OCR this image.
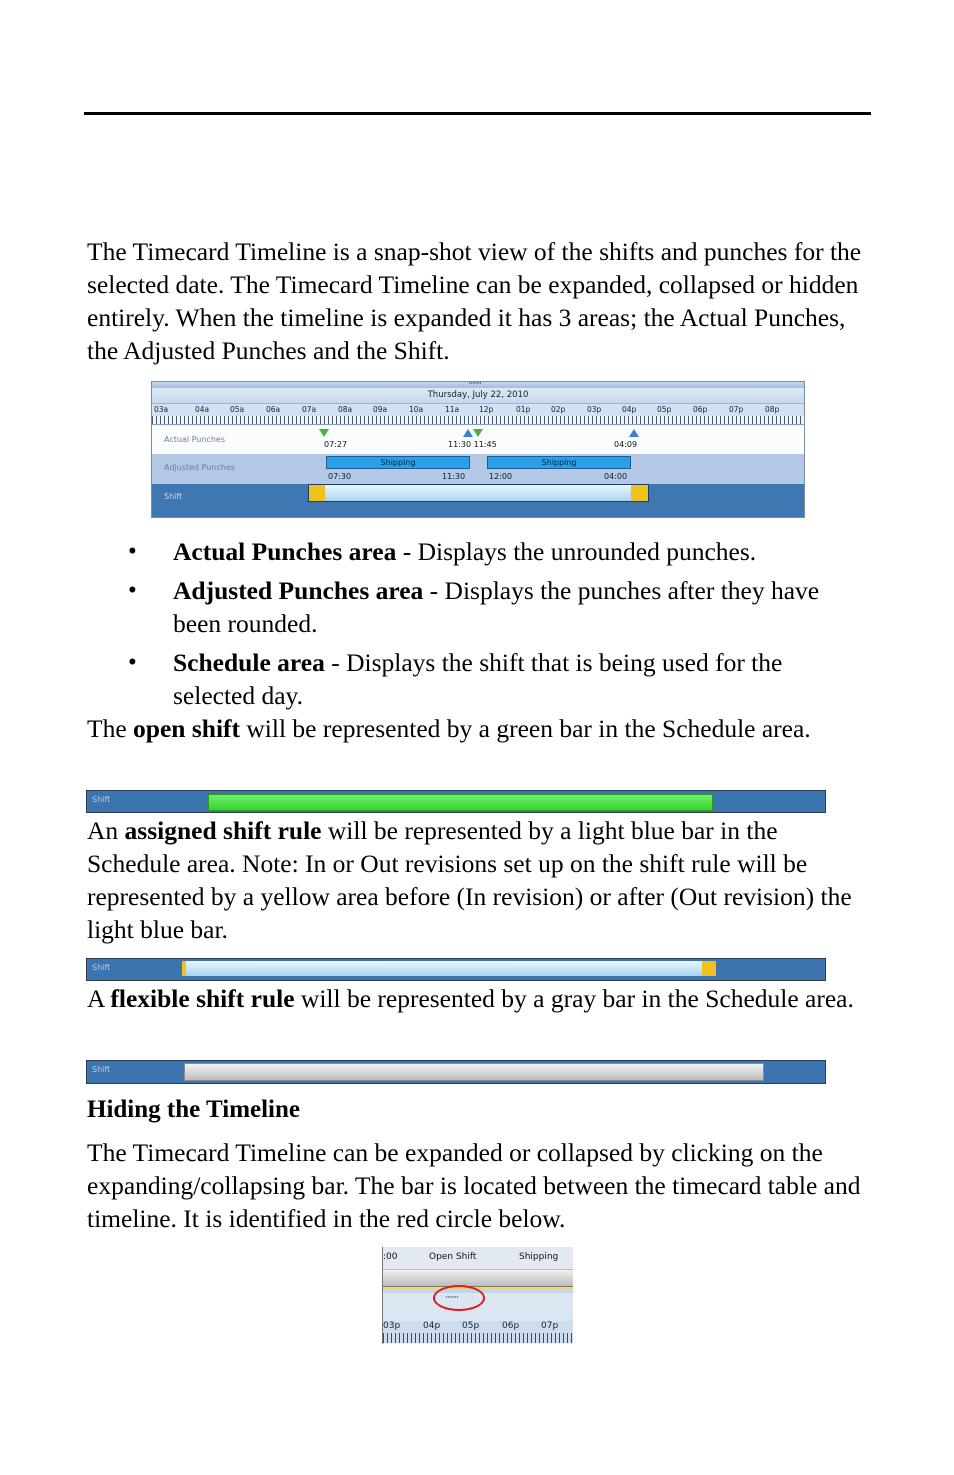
The Timecard Timeline is a snap-shot view of the shifts and punches for the selected date. The Timecard Timeline can be expanded, collapsed or hidden entirely. When the timeline is expanded it has 3 areas; the Actual Punches, the Adjusted Punches and the Shift.

·······
Thursday, July 22, 2010
03a	04a	05a	06a	07a	08a	09a	10a	11a	12p	01p	02p	03p	04p	05p	06p	07p	08p
Actual Punches
07:27	11:30 11:45	04:09
Adjusted Punches
Shipping	Shipping
07:30	11:30	12:00	04:00
Shift
• Actual Punches area - Displays the unrounded punches.
• Adjusted Punches area - Displays the punches after they have been rounded.
• Schedule area - Displays the shift that is being used for the selected day.

The open shift will be represented by a green bar in the Schedule area.

Shift

An assigned shift rule will be represented by a light blue bar in the Schedule area. Note: In or Out revisions set up on the shift rule will be represented by a yellow area before (In revision) or after (Out revision) the light blue bar.

Shift

A flexible shift rule will be represented by a gray bar in the Schedule area.

Shift
Hiding the Timeline

The Timecard Timeline can be expanded or collapsed by clicking on the expanding/collapsing bar. The bar is located between the timecard table and timeline. It is identified in the red circle below.

:00	Open Shift	Shipping
·······
03p	04p 05p	06p 07p
